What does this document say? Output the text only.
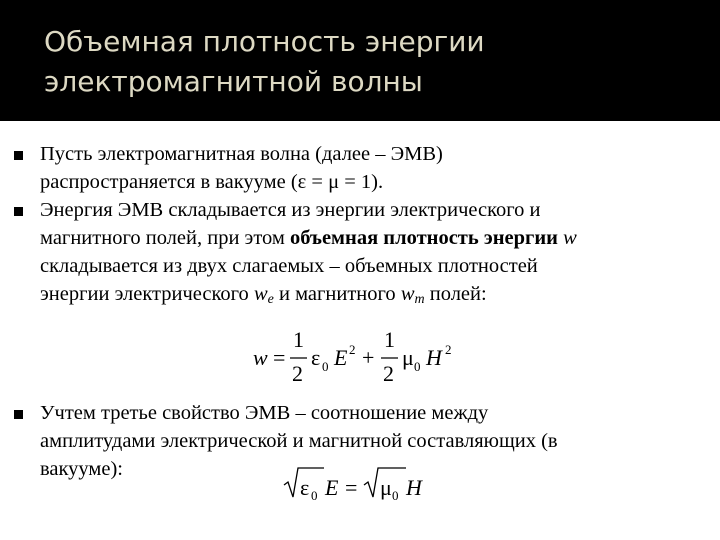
Объемная плотность энергии
электромагнитной волны

Пусть электромагнитная волна (далее – ЭМВ)
распространяется в вакууме (ε = μ = 1).

Энергия ЭМВ складывается из энергии электрического и
магнитного полей, при этом объемная плотность энергии w
складывается из двух слагаемых – объемных плотностей
энергии электрического $w_e$ и магнитного $w_m$ полей:

w =
1
2
ε 0 E 2 +
1
2
μ 0 H 2

Учтем третье свойство ЭМВ – соотношение между
амплитудами электрической и магнитной составляющих (в
вакууме):

ε 0 E = μ 0 H
